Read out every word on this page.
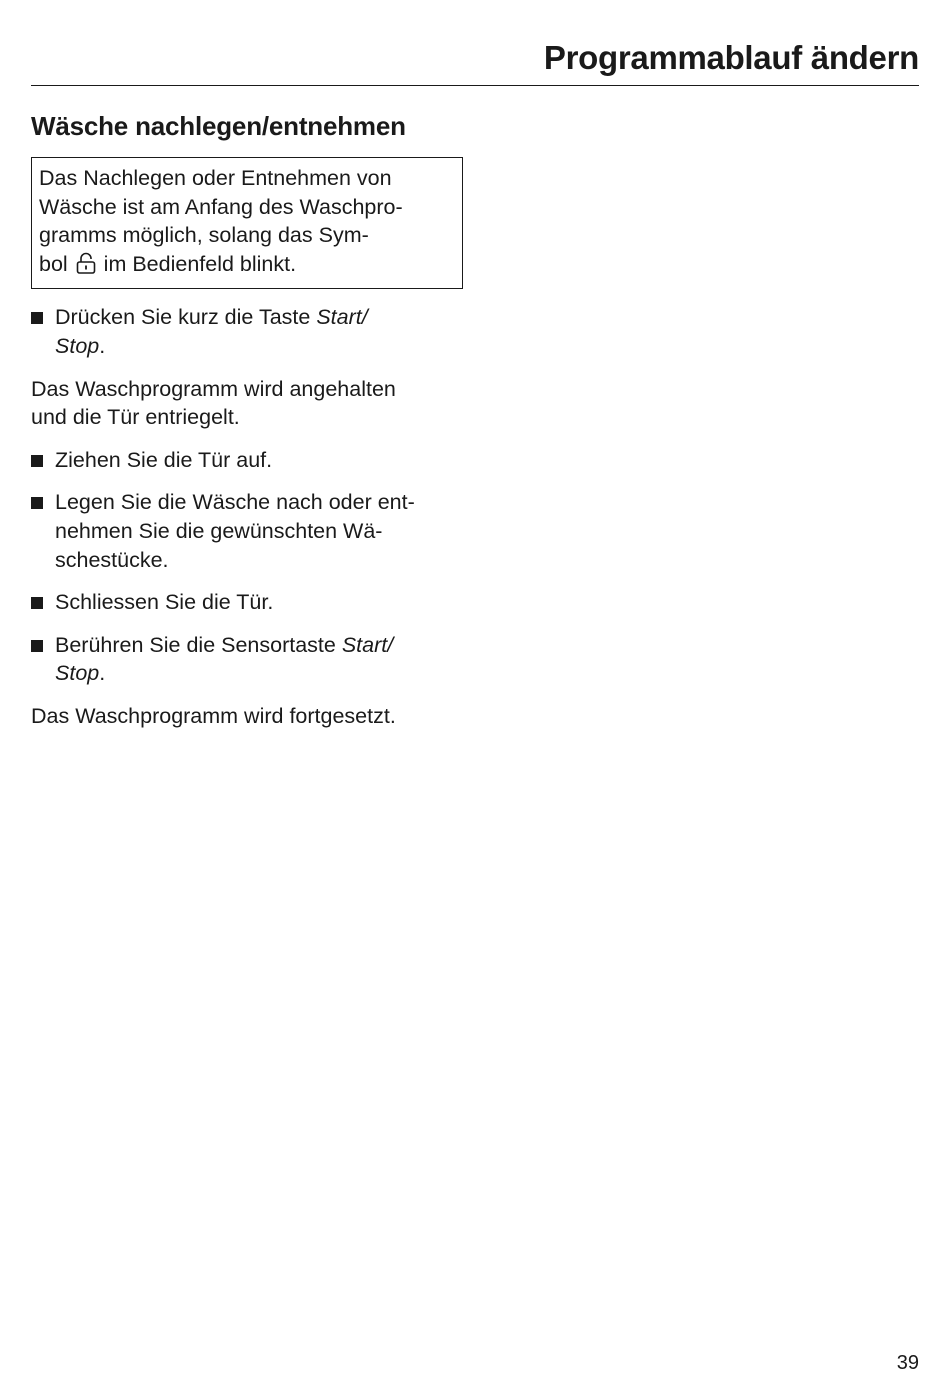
Programmablauf ändern
Wäsche nachlegen/entnehmen

Das Nachlegen oder Entnehmen von

Wäsche ist am Anfang des Waschpro-

gramms möglich, solang das Sym-

bol im Bedienfeld blinkt.

Drücken Sie kurz die Taste Start/
Stop.
Das Waschprogramm wird angehalten
und die Tür entriegelt.
Ziehen Sie die Tür auf.
Legen Sie die Wäsche nach oder ent-
nehmen Sie die gewünschten Wä-
schestücke.
Schliessen Sie die Tür.
Berühren Sie die Sensortaste Start/
Stop.
Das Waschprogramm wird fortgesetzt.
39
